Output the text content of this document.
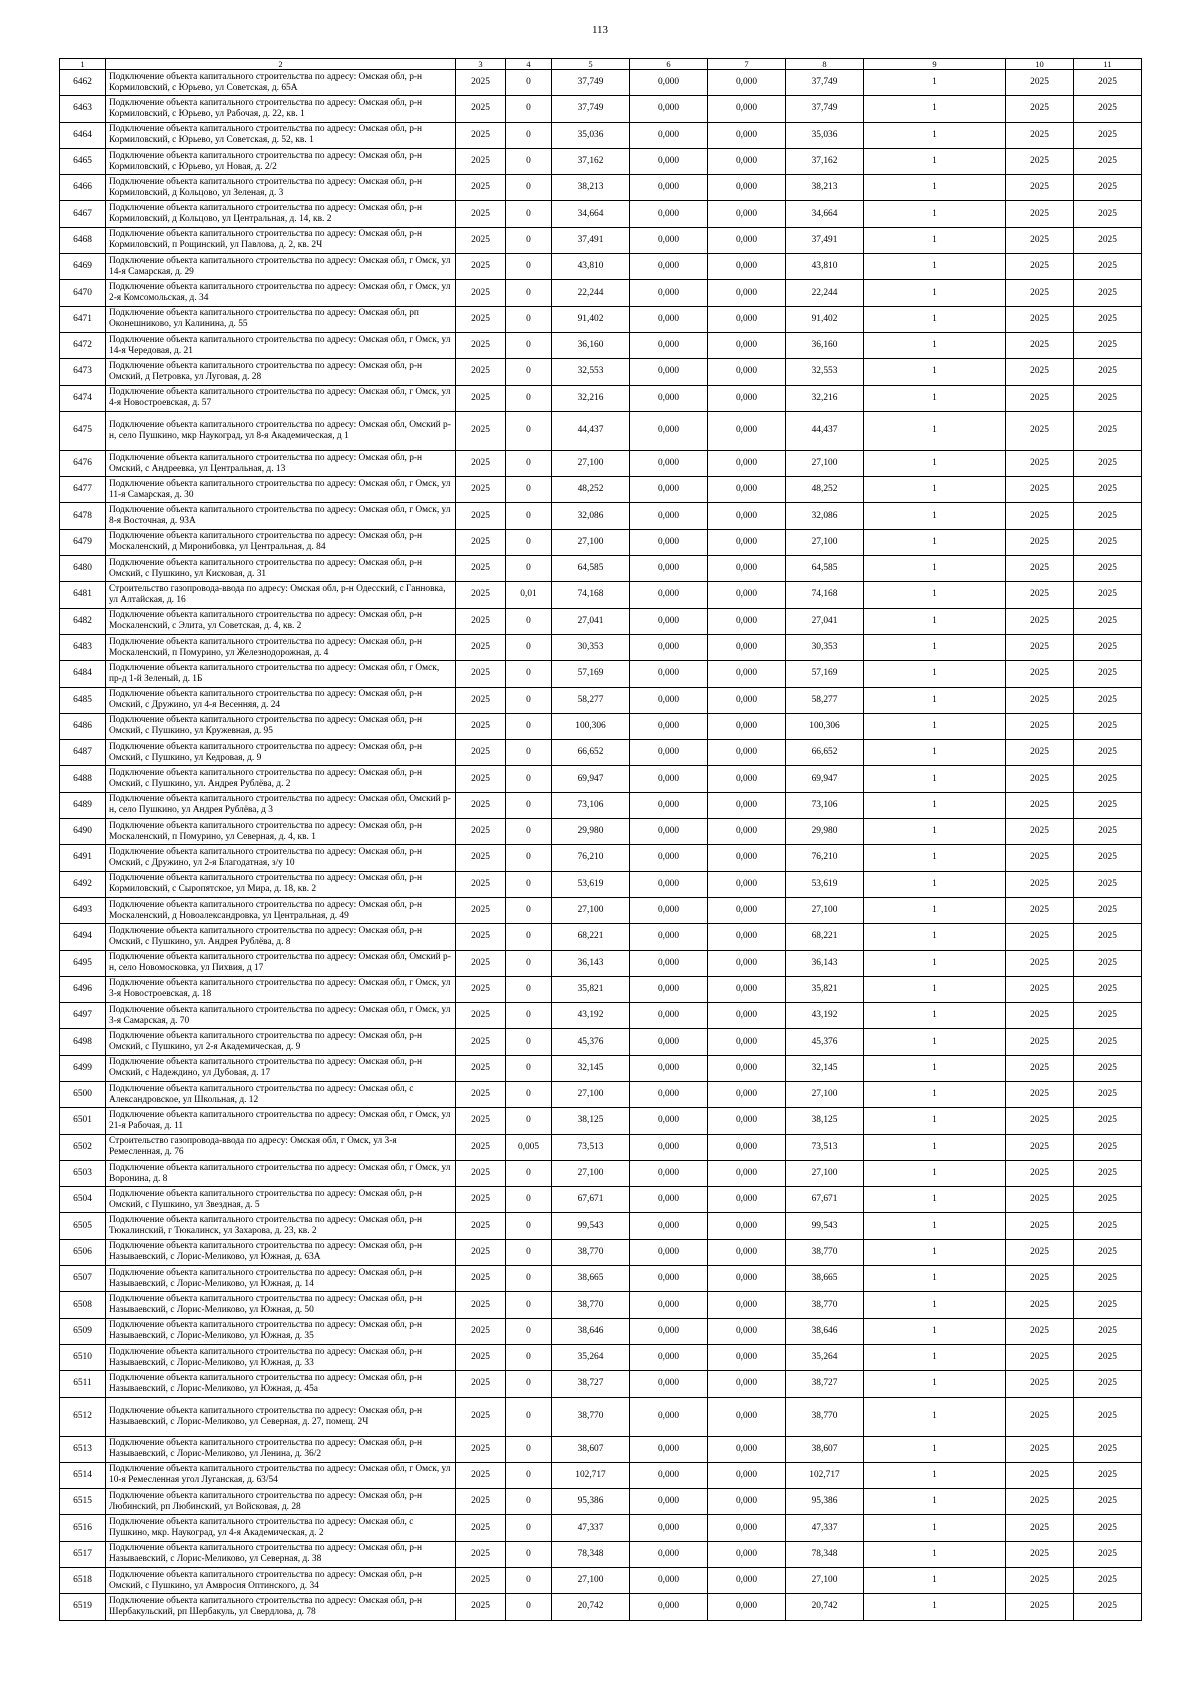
113
1	2	3	4	5	6	7	8	9	10	11
6462	Подключение объекта капитального строительства по адресу: Омская обл, р-н Кормиловский, с Юрьево, ул Советская, д. 65А	2025	0	37,749	0,000	0,000	37,749	1	2025	2025
6463	Подключение объекта капитального строительства по адресу: Омская обл, р-н Кормиловский, с Юрьево, ул Рабочая, д. 22, кв. 1	2025	0	37,749	0,000	0,000	37,749	1	2025	2025
6464	Подключение объекта капитального строительства по адресу: Омская обл, р-н Кормиловский, с Юрьево, ул Советская, д. 52, кв. 1	2025	0	35,036	0,000	0,000	35,036	1	2025	2025
6465	Подключение объекта капитального строительства по адресу: Омская обл, р-н Кормиловский, с Юрьево, ул Новая, д. 2/2	2025	0	37,162	0,000	0,000	37,162	1	2025	2025
6466	Подключение объекта капитального строительства по адресу: Омская обл, р-н Кормиловский, д Кольцово, ул Зеленая, д. 3	2025	0	38,213	0,000	0,000	38,213	1	2025	2025
6467	Подключение объекта капитального строительства по адресу: Омская обл, р-н Кормиловский, д Кольцово, ул Центральная, д. 14, кв. 2	2025	0	34,664	0,000	0,000	34,664	1	2025	2025
6468	Подключение объекта капитального строительства по адресу: Омская обл, р-н Кормиловский, п Рощинский, ул Павлова, д. 2, кв. 2Ч	2025	0	37,491	0,000	0,000	37,491	1	2025	2025
6469	Подключение объекта капитального строительства по адресу: Омская обл, г Омск, ул 14-я Самарская, д. 29	2025	0	43,810	0,000	0,000	43,810	1	2025	2025
6470	Подключение объекта капитального строительства по адресу: Омская обл, г Омск, ул 2-я Комсомольская, д. 34	2025	0	22,244	0,000	0,000	22,244	1	2025	2025
6471	Подключение объекта капитального строительства по адресу: Омская обл, рп Оконешниково, ул Калинина, д. 55	2025	0	91,402	0,000	0,000	91,402	1	2025	2025
6472	Подключение объекта капитального строительства по адресу: Омская обл, г Омск, ул 14-я Чередовая, д. 21	2025	0	36,160	0,000	0,000	36,160	1	2025	2025
6473	Подключение объекта капитального строительства по адресу: Омская обл, р-н Омский, д Петровка, ул Луговая, д. 28	2025	0	32,553	0,000	0,000	32,553	1	2025	2025
6474	Подключение объекта капитального строительства по адресу: Омская обл, г Омск, ул 4-я Новостроевская, д. 57	2025	0	32,216	0,000	0,000	32,216	1	2025	2025
6475	Подключение объекта капитального строительства по адресу: Омская обл, Омский р-н, село Пушкино, мкр Наукоград, ул 8-я Академическая, д 1	2025	0	44,437	0,000	0,000	44,437	1	2025	2025
6476	Подключение объекта капитального строительства по адресу: Омская обл, р-н Омский, с Андреевка, ул Центральная, д. 13	2025	0	27,100	0,000	0,000	27,100	1	2025	2025
6477	Подключение объекта капитального строительства по адресу: Омская обл, г Омск, ул 11-я Самарская, д. 30	2025	0	48,252	0,000	0,000	48,252	1	2025	2025
6478	Подключение объекта капитального строительства по адресу: Омская обл, г Омск, ул 8-я Восточная, д. 93А	2025	0	32,086	0,000	0,000	32,086	1	2025	2025
6479	Подключение объекта капитального строительства по адресу: Омская обл, р-н Москаленский, д Миронибовка, ул Центральная, д. 84	2025	0	27,100	0,000	0,000	27,100	1	2025	2025
6480	Подключение объекта капитального строительства по адресу: Омская обл, р-н Омский, с Пушкино, ул Кисковая, д. 31	2025	0	64,585	0,000	0,000	64,585	1	2025	2025
6481	Строительство газопровода-ввода по адресу: Омская обл, р-н Одесский, с Ганновка, ул Алтайская, д. 16	2025	0,01	74,168	0,000	0,000	74,168	1	2025	2025
6482	Подключение объекта капитального строительства по адресу: Омская обл, р-н Москаленский, с Элита, ул Советская, д. 4, кв. 2	2025	0	27,041	0,000	0,000	27,041	1	2025	2025
6483	Подключение объекта капитального строительства по адресу: Омская обл, р-н Москаленский, п Помурино, ул Железнодорожная, д. 4	2025	0	30,353	0,000	0,000	30,353	1	2025	2025
6484	Подключение объекта капитального строительства по адресу: Омская обл, г Омск, пр-д 1-й Зеленый, д. 1Б	2025	0	57,169	0,000	0,000	57,169	1	2025	2025
6485	Подключение объекта капитального строительства по адресу: Омская обл, р-н Омский, с Дружино, ул 4-я Весенняя, д. 24	2025	0	58,277	0,000	0,000	58,277	1	2025	2025
6486	Подключение объекта капитального строительства по адресу: Омская обл, р-н Омский, с Пушкино, ул Кружевная, д. 95	2025	0	100,306	0,000	0,000	100,306	1	2025	2025
6487	Подключение объекта капитального строительства по адресу: Омская обл, р-н Омский, с Пушкино, ул Кедровая, д. 9	2025	0	66,652	0,000	0,000	66,652	1	2025	2025
6488	Подключение объекта капитального строительства по адресу: Омская обл, р-н Омский, с Пушкино, ул. Андрея Рублёва, д. 2	2025	0	69,947	0,000	0,000	69,947	1	2025	2025
6489	Подключение объекта капитального строительства по адресу: Омская обл, Омский р-н, село Пушкино, ул Андрея Рублёва, д 3	2025	0	73,106	0,000	0,000	73,106	1	2025	2025
6490	Подключение объекта капитального строительства по адресу: Омская обл, р-н Москаленский, п Помурино, ул Северная, д. 4, кв. 1	2025	0	29,980	0,000	0,000	29,980	1	2025	2025
6491	Подключение объекта капитального строительства по адресу: Омская обл, р-н Омский, с Дружино, ул 2-я Благодатная, з/у 10	2025	0	76,210	0,000	0,000	76,210	1	2025	2025
6492	Подключение объекта капитального строительства по адресу: Омская обл, р-н Кормиловский, с Сыропятское, ул Мира, д. 18, кв. 2	2025	0	53,619	0,000	0,000	53,619	1	2025	2025
6493	Подключение объекта капитального строительства по адресу: Омская обл, р-н Москаленский, д Новоалександровка, ул Центральная, д. 49	2025	0	27,100	0,000	0,000	27,100	1	2025	2025
6494	Подключение объекта капитального строительства по адресу: Омская обл, р-н Омский, с Пушкино, ул. Андрея Рублёва, д. 8	2025	0	68,221	0,000	0,000	68,221	1	2025	2025
6495	Подключение объекта капитального строительства по адресу: Омская обл, Омский р-н, село Новомосковка, ул Пихвия, д 17	2025	0	36,143	0,000	0,000	36,143	1	2025	2025
6496	Подключение объекта капитального строительства по адресу: Омская обл, г Омск, ул 3-я Новостроевская, д. 18	2025	0	35,821	0,000	0,000	35,821	1	2025	2025
6497	Подключение объекта капитального строительства по адресу: Омская обл, г Омск, ул 3-я Самарская, д. 70	2025	0	43,192	0,000	0,000	43,192	1	2025	2025
6498	Подключение объекта капитального строительства по адресу: Омская обл, р-н Омский, с Пушкино, ул 2-я Академическая, д. 9	2025	0	45,376	0,000	0,000	45,376	1	2025	2025
6499	Подключение объекта капитального строительства по адресу: Омская обл, р-н Омский, с Надеждино, ул Дубовая, д. 17	2025	0	32,145	0,000	0,000	32,145	1	2025	2025
6500	Подключение объекта капитального строительства по адресу: Омская обл, с Александровское, ул Школьная, д. 12	2025	0	27,100	0,000	0,000	27,100	1	2025	2025
6501	Подключение объекта капитального строительства по адресу: Омская обл, г Омск, ул 21-я Рабочая, д. 11	2025	0	38,125	0,000	0,000	38,125	1	2025	2025
6502	Строительство газопровода-ввода по адресу: Омская обл, г Омск, ул 3-я Ремесленная, д. 76	2025	0,005	73,513	0,000	0,000	73,513	1	2025	2025
6503	Подключение объекта капитального строительства по адресу: Омская обл, г Омск, ул Воронина, д. 8	2025	0	27,100	0,000	0,000	27,100	1	2025	2025
6504	Подключение объекта капитального строительства по адресу: Омская обл, р-н Омский, с Пушкино, ул Звездная, д. 5	2025	0	67,671	0,000	0,000	67,671	1	2025	2025
6505	Подключение объекта капитального строительства по адресу: Омская обл, р-н Тюкалинский, г Тюкалинск, ул Захарова, д. 23, кв. 2	2025	0	99,543	0,000	0,000	99,543	1	2025	2025
6506	Подключение объекта капитального строительства по адресу: Омская обл, р-н Называевский, с Лорис-Меликово, ул Южная, д. 63А	2025	0	38,770	0,000	0,000	38,770	1	2025	2025
6507	Подключение объекта капитального строительства по адресу: Омская обл, р-н Называевский, с Лорис-Меликово, ул Южная, д. 14	2025	0	38,665	0,000	0,000	38,665	1	2025	2025
6508	Подключение объекта капитального строительства по адресу: Омская обл, р-н Называевский, с Лорис-Меликово, ул Южная, д. 50	2025	0	38,770	0,000	0,000	38,770	1	2025	2025
6509	Подключение объекта капитального строительства по адресу: Омская обл, р-н Называевский, с Лорис-Меликово, ул Южная, д. 35	2025	0	38,646	0,000	0,000	38,646	1	2025	2025
6510	Подключение объекта капитального строительства по адресу: Омская обл, р-н Называевский, с Лорис-Меликово, ул Южная, д. 33	2025	0	35,264	0,000	0,000	35,264	1	2025	2025
6511	Подключение объекта капитального строительства по адресу: Омская обл, р-н Называевский, с Лорис-Меликово, ул Южная, д. 45а	2025	0	38,727	0,000	0,000	38,727	1	2025	2025
6512	Подключение объекта капитального строительства по адресу: Омская обл, р-н Называевский, с Лорис-Меликово, ул Северная, д. 27, помещ. 2Ч	2025	0	38,770	0,000	0,000	38,770	1	2025	2025
6513	Подключение объекта капитального строительства по адресу: Омская обл, р-н Называевский, с Лорис-Меликово, ул Ленина, д. 36/2	2025	0	38,607	0,000	0,000	38,607	1	2025	2025
6514	Подключение объекта капитального строительства по адресу: Омская обл, г Омск, ул 10-я Ремесленная угол Луганская, д. 63/54	2025	0	102,717	0,000	0,000	102,717	1	2025	2025
6515	Подключение объекта капитального строительства по адресу: Омская обл, р-н Любинский, рп Любинский, ул Войсковая, д. 28	2025	0	95,386	0,000	0,000	95,386	1	2025	2025
6516	Подключение объекта капитального строительства по адресу: Омская обл, с Пушкино, мкр. Наукоград, ул 4-я Академическая, д. 2	2025	0	47,337	0,000	0,000	47,337	1	2025	2025
6517	Подключение объекта капитального строительства по адресу: Омская обл, р-н Называевский, с Лорис-Меликово, ул Северная, д. 38	2025	0	78,348	0,000	0,000	78,348	1	2025	2025
6518	Подключение объекта капитального строительства по адресу: Омская обл, р-н Омский, с Пушкино, ул Амвросия Оптинского, д. 34	2025	0	27,100	0,000	0,000	27,100	1	2025	2025
6519	Подключение объекта капитального строительства по адресу: Омская обл, р-н Шербакульский, рп Шербакуль, ул Свердлова, д. 78	2025	0	20,742	0,000	0,000	20,742	1	2025	2025
